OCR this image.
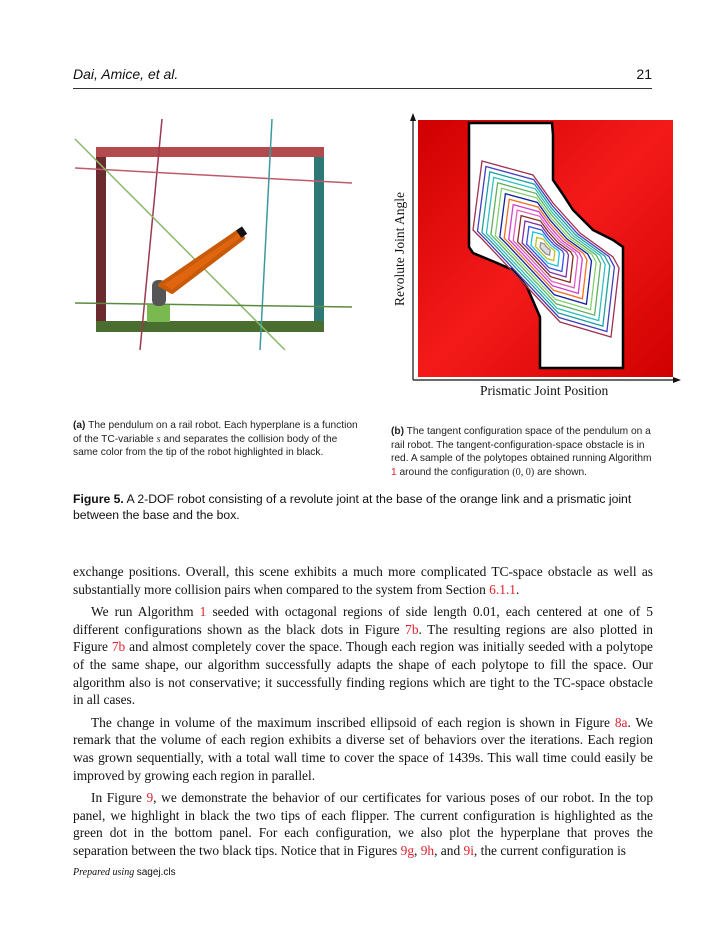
Dai, Amice, et al.	21
Revolute Joint Angle
Prismatic Joint Position
(a) The pendulum on a rail robot. Each hyperplane is a function of the TC-variable s and separates the collision body of the same color from the tip of the robot highlighted in black.
(b) The tangent configuration space of the pendulum on a rail robot. The tangent-configuration-space obstacle is in red. A sample of the polytopes obtained running Algorithm 1 around the configuration (0, 0) are shown.
Figure 5. A 2-DOF robot consisting of a revolute joint at the base of the orange link and a prismatic joint between the base and the box.

exchange positions. Overall, this scene exhibits a much more complicated TC-space obstacle as well as substantially more collision pairs when compared to the system from Section 6.1.1.

We run Algorithm 1 seeded with octagonal regions of side length 0.01, each centered at one of 5 different configurations shown as the black dots in Figure 7b. The resulting regions are also plotted in Figure 7b and almost completely cover the space. Though each region was initially seeded with a polytope of the same shape, our algorithm successfully adapts the shape of each polytope to fill the space. Our algorithm also is not conservative; it successfully finding regions which are tight to the TC-space obstacle in all cases.

The change in volume of the maximum inscribed ellipsoid of each region is shown in Figure 8a. We remark that the volume of each region exhibits a diverse set of behaviors over the iterations. Each region was grown sequentially, with a total wall time to cover the space of 1439s. This wall time could easily be improved by growing each region in parallel.

In Figure 9, we demonstrate the behavior of our certificates for various poses of our robot. In the top panel, we highlight in black the two tips of each flipper. The current configuration is highlighted as the green dot in the bottom panel. For each configuration, we also plot the hyperplane that proves the separation between the two black tips. Notice that in Figures 9g, 9h, and 9i, the current configuration is

Prepared using sagej.cls
